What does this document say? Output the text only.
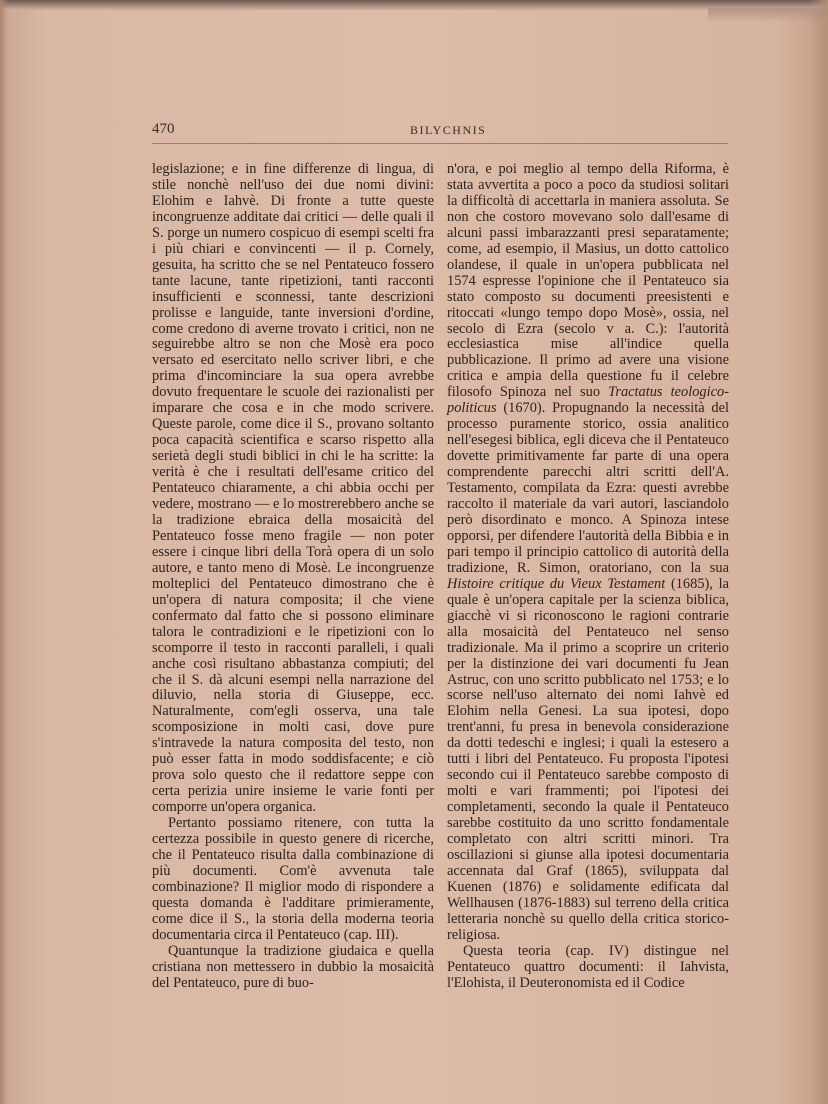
470	BILYCHNIS

legislazione; e in fine differenze di lingua, di stile nonchè nell'uso dei due nomi divini: Elohim e Iahvè. Di fronte a tutte queste incongruenze additate dai critici — delle quali il S. porge un numero cospicuo di esempi scelti fra i più chiari e convincenti — il p. Cornely, gesuita, ha scritto che se nel Pentateuco fossero tante lacune, tante ripetizioni, tanti racconti insufficienti e sconnessi, tante descrizioni prolisse e languide, tante inversioni d'ordine, come credono di averne trovato i critici, non ne seguirebbe altro se non che Mosè era poco versato ed esercitato nello scriver libri, e che prima d'incominciare la sua opera avrebbe dovuto frequentare le scuole dei razionalisti per imparare che cosa e in che modo scrivere. Queste parole, come dice il S., provano soltanto poca capacità scientifica e scarso rispetto alla serietà degli studi biblici in chi le ha scritte: la verità è che i resultati dell'esame critico del Pentateuco chiaramente, a chi abbia occhi per vedere, mostrano — e lo mostrerebbero anche se la tradizione ebraica della mosaicità del Pentateuco fosse meno fragile — non poter essere i cinque libri della Torà opera di un solo autore, e tanto meno di Mosè. Le incongruenze molteplici del Pentateuco dimostrano che è un'opera di natura composita; il che viene confermato dal fatto che si possono eliminare talora le contradizioni e le ripetizioni con lo scomporre il testo in racconti paralleli, i quali anche così risultano abbastanza compiuti; del che il S. dà alcuni esempi nella narrazione del diluvio, nella storia di Giuseppe, ecc. Naturalmente, com'egli osserva, una tale scomposizione in molti casi, dove pure s'intravede la natura composita del testo, non può esser fatta in modo soddisfacente; e ciò prova solo questo che il redattore seppe con certa perizia unire insieme le varie fonti per comporre un'opera organica.

Pertanto possiamo ritenere, con tutta la certezza possibile in questo genere di ricerche, che il Pentateuco risulta dalla combinazione di più documenti. Com'è avvenuta tale combinazione? Il miglior modo di rispondere a questa domanda è l'additare primieramente, come dice il S., la storia della moderna teoria documentaria circa il Pentateuco (cap. III).

Quantunque la tradizione giudaica e quella cristiana non mettessero in dubbio la mosaicità del Pentateuco, pure di buo-

n'ora, e poi meglio al tempo della Riforma, è stata avvertita a poco a poco da studiosi solitari la difficoltà di accettarla in maniera assoluta. Se non che costoro movevano solo dall'esame di alcuni passi imbarazzanti presi separatamente; come, ad esempio, il Masius, un dotto cattolico olandese, il quale in un'opera pubblicata nel 1574 espresse l'opinione che il Pentateuco sia stato composto su documenti preesistenti e ritoccati «lungo tempo dopo Mosè», ossia, nel secolo di Ezra (secolo v a. C.): l'autorità ecclesiastica mise all'indice quella pubblicazione. Il primo ad avere una visione critica e ampia della questione fu il celebre filosofo Spinoza nel suo Tractatus teologico-politicus (1670). Propugnando la necessità del processo puramente storico, ossia analitico nell'esegesi biblica, egli diceva che il Pentateuco dovette primitivamente far parte di una opera comprendente parecchi altri scritti dell'A. Testamento, compilata da Ezra: questi avrebbe raccolto il materiale da vari autori, lasciandolo però disordinato e monco. A Spinoza intese opporsi, per difendere l'autorità della Bibbia e in pari tempo il principio cattolico di autorità della tradizione, R. Simon, oratoriano, con la sua Histoire critique du Vieux Testament (1685), la quale è un'opera capitale per la scienza biblica, giacchè vi si riconoscono le ragioni contrarie alla mosaicità del Pentateuco nel senso tradizionale. Ma il primo a scoprire un criterio per la distinzione dei vari documenti fu Jean Astruc, con uno scritto pubblicato nel 1753; e lo scorse nell'uso alternato dei nomi Iahvè ed Elohim nella Genesi. La sua ipotesi, dopo trent'anni, fu presa in benevola considerazione da dotti tedeschi e inglesi; i quali la estesero a tutti i libri del Pentateuco. Fu proposta l'ipotesi secondo cui il Pentateuco sarebbe composto di molti e vari frammenti; poi l'ipotesi dei completamenti, secondo la quale il Pentateuco sarebbe costituito da uno scritto fondamentale completato con altri scritti minori. Tra oscillazioni si giunse alla ipotesi documentaria accennata dal Graf (1865), sviluppata dal Kuenen (1876) e solidamente edificata dal Wellhausen (1876-1883) sul terreno della critica letteraria nonchè su quello della critica storico-religiosa.

Questa teoria (cap. IV) distingue nel Pentateuco quattro documenti: il Iahvista, l'Elohista, il Deuteronomista ed il Codice
